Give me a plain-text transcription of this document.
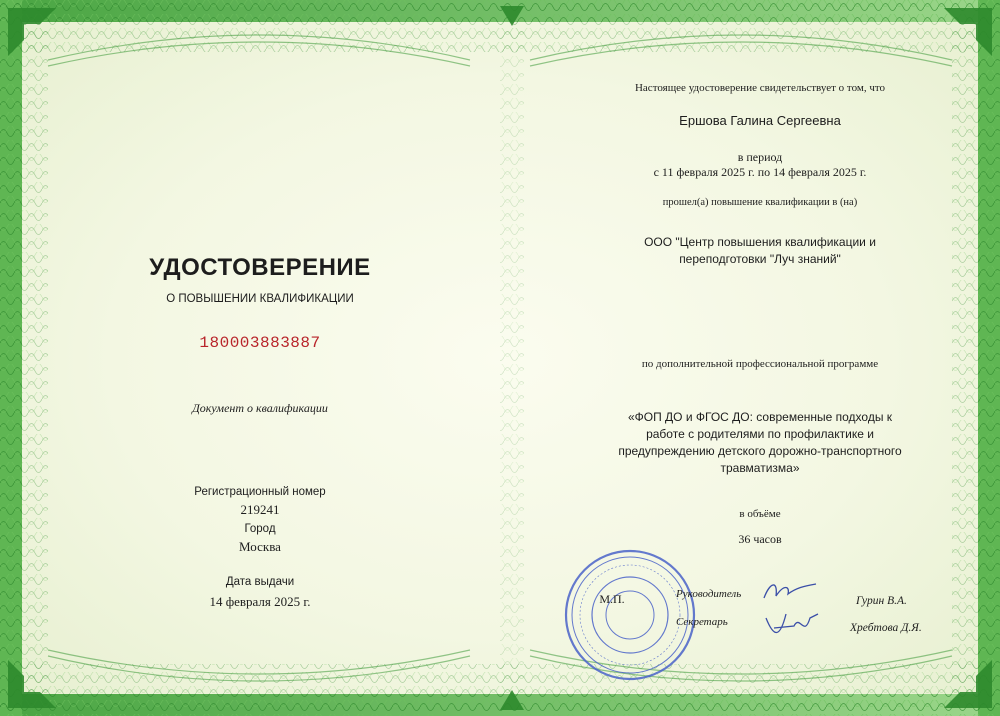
УДОСТОВЕРЕНИЕ
О ПОВЫШЕНИИ КВАЛИФИКАЦИИ
180003883887
Документ о квалификации
Регистрационный номер
219241
Город
Москва
Дата выдачи
14 февраля 2025 г.
Настоящее удостоверение свидетельствует о том, что
Ершова Галина Сергеевна
в период
с 11 февраля 2025 г. по 14 февраля 2025 г.
прошел(а) повышение квалификации в (на)
ООО "Центр повышения квалификации и
переподготовки "Луч знаний"
по дополнительной профессиональной программе
«ФОП ДО и ФГОС ДО: современные подходы к
работе с родителями по профилактике и
предупреждению детского дорожно-транспортного
травматизма»
в объёме
36 часов
М.П.	Руководитель
Гурин В.А.
Секретарь	Хребтова Д.Я.
